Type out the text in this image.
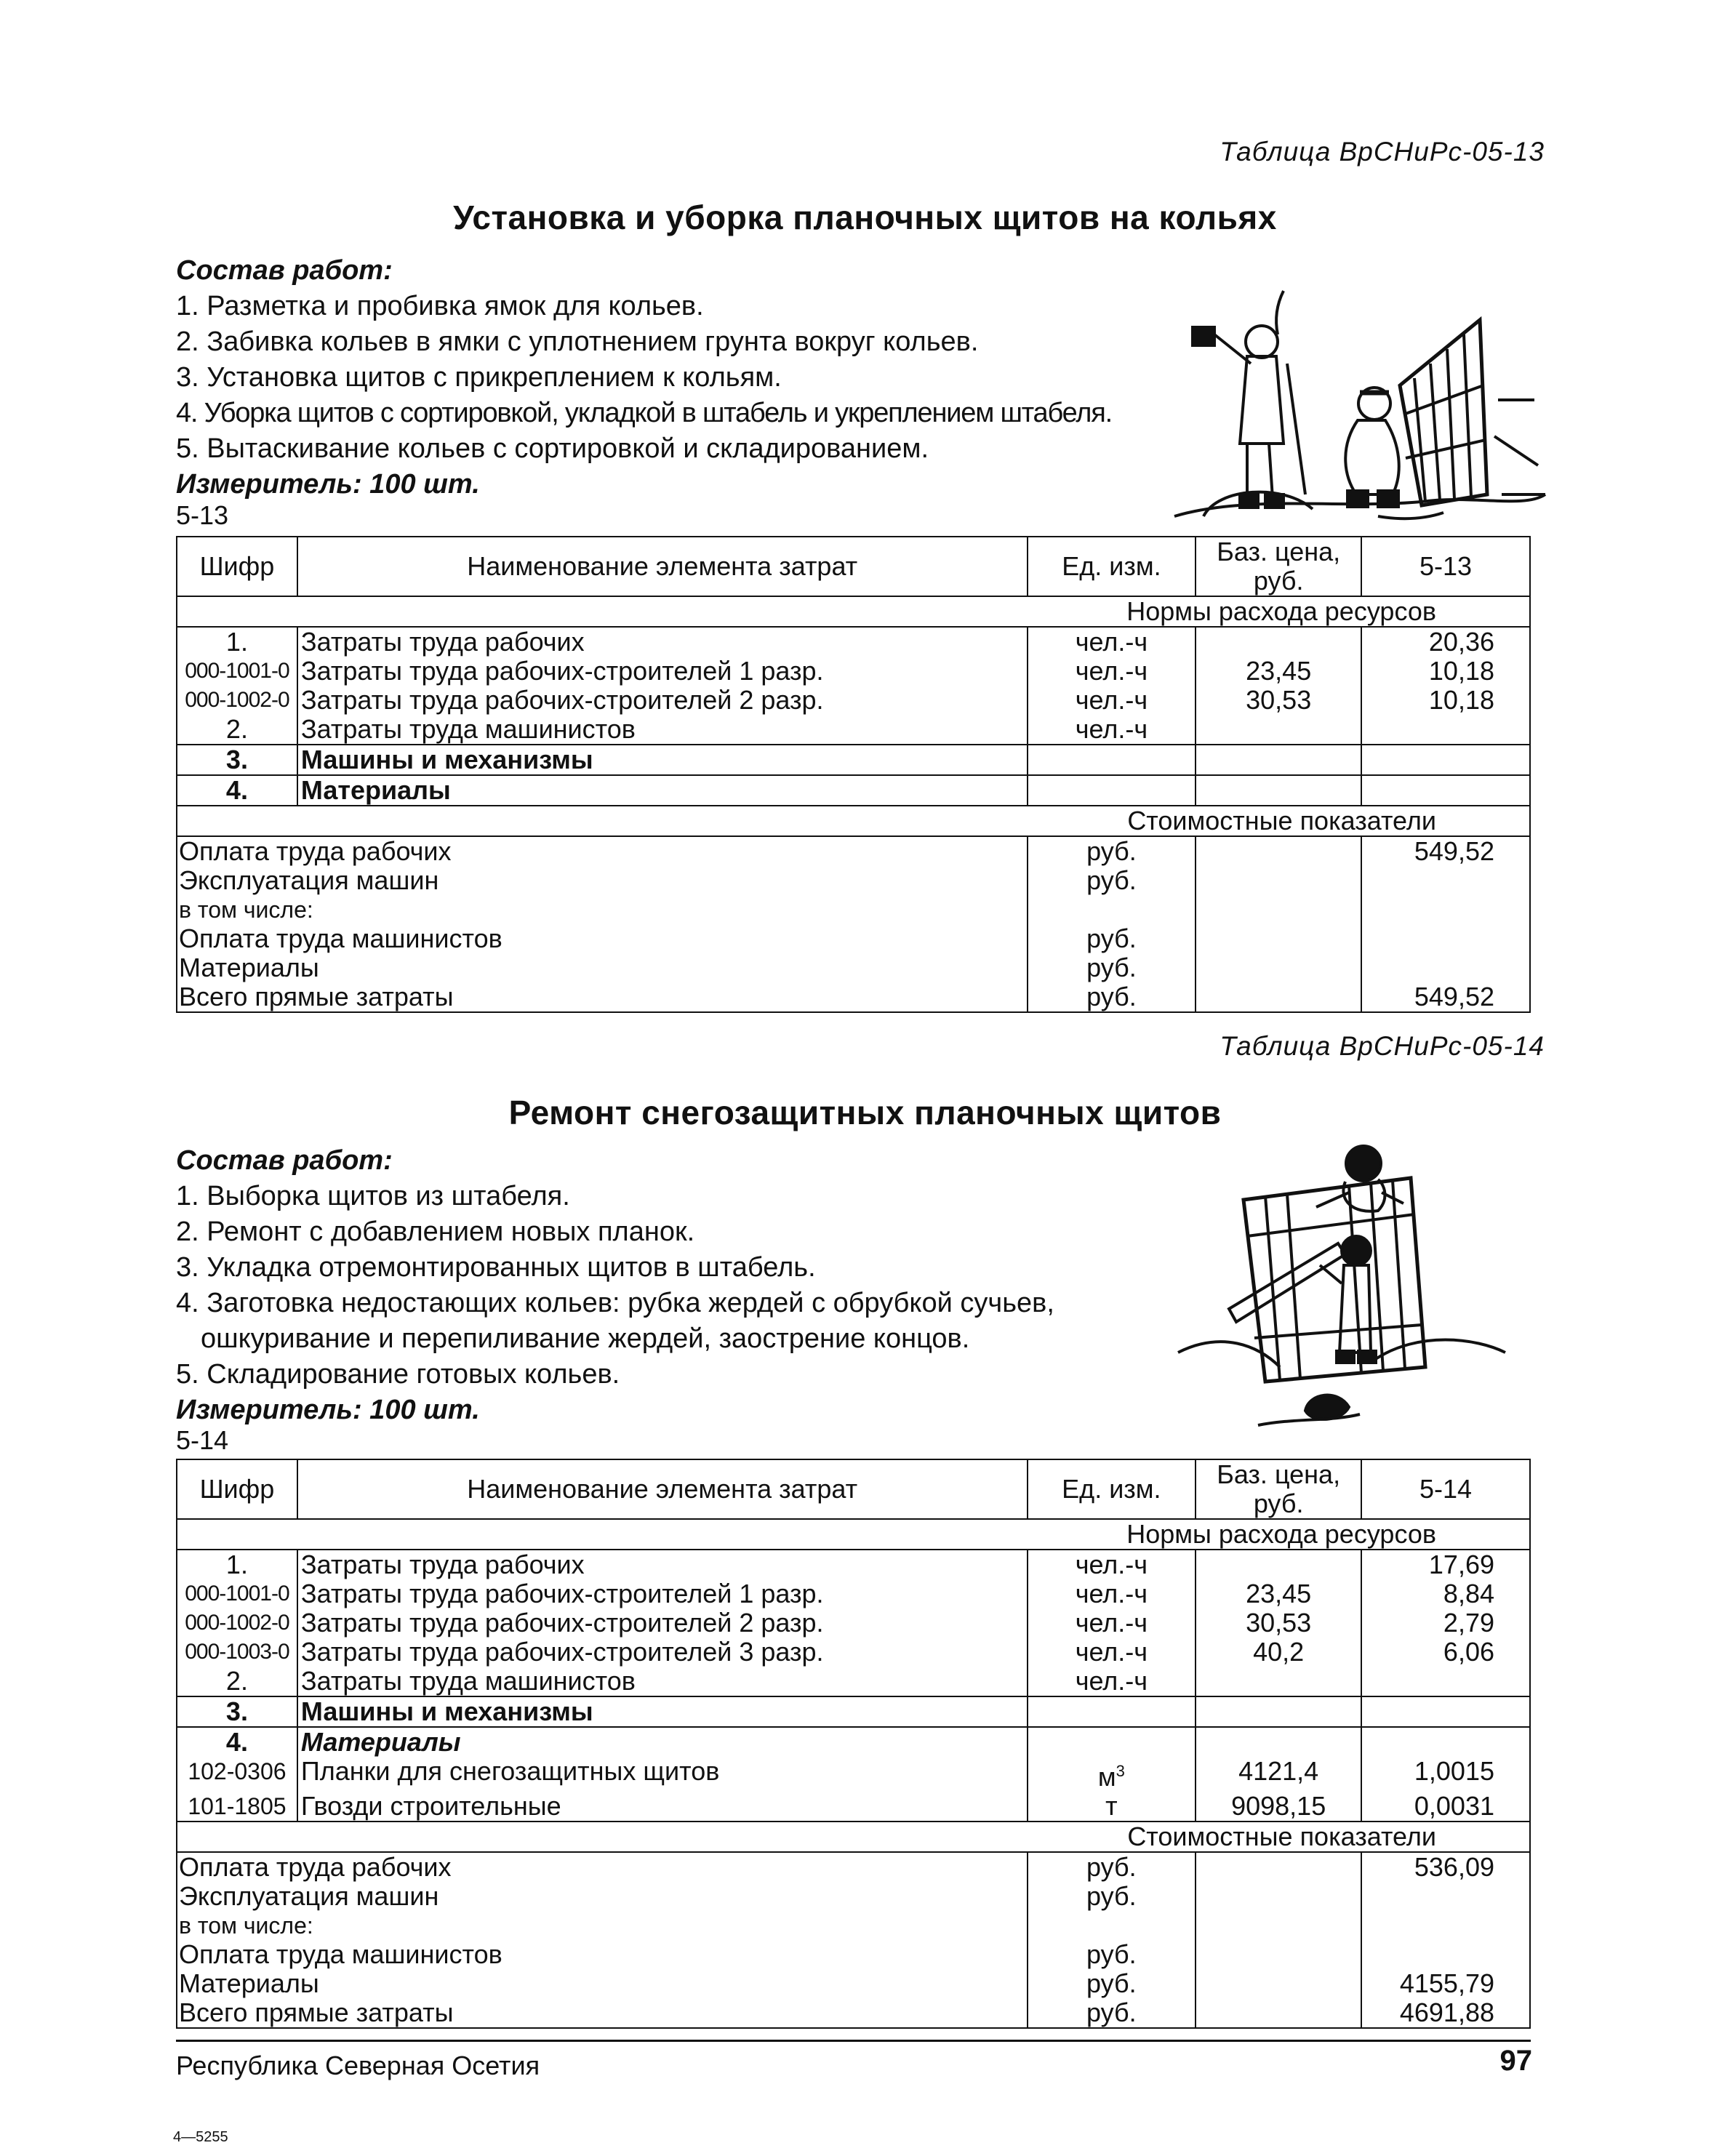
Таблица ВрСНиРс-05-13
Установка и уборка планочных щитов на кольях
Состав работ:
1. Разметка и пробивка ямок для кольев.
2. Забивка кольев в ямки с уплотнением грунта вокруг кольев.
3. Установка щитов с прикреплением к кольям.
4. Уборка щитов с сортировкой, укладкой в штабель и укреплением штабеля.
5. Вытаскивание кольев с сортировкой и складированием.
Измеритель: 100 шт.
5-13
Шифр	Наименование элемента затрат	Ед. изм.	Баз. цена, руб.	5-13
Нормы расхода ресурсов				
1.	Затраты труда рабочих	чел.-ч		20,36
000-1001-0	Затраты труда рабочих-строителей 1 разр.	чел.-ч	23,45	10,18
000-1002-0	Затраты труда рабочих-строителей 2 разр.	чел.-ч	30,53	10,18
2.	Затраты труда машинистов	чел.-ч		
3.	Машины и механизмы			
4.	Материалы			
Стоимостные показатели				
Оплата труда рабочих		руб.		549,52
Эксплуатация машин		руб.		
в том числе:				
Оплата труда машинистов		руб.		
Материалы		руб.		
Всего прямые затраты		руб.		549,52
Таблица ВрСНиРс-05-14
Ремонт снегозащитных планочных щитов
Состав работ:
1. Выборка щитов из штабеля.
2. Ремонт с добавлением новых планок.
3. Укладка отремонтированных щитов в штабель.
4. Заготовка недостающих кольев: рубка жердей с обрубкой сучьев,
ошкуривание и перепиливание жердей, заострение концов.
5. Складирование готовых кольев.
Измеритель: 100 шт.
5-14
Шифр	Наименование элемента затрат	Ед. изм.	Баз. цена, руб.	5-14
Нормы расхода ресурсов				
1.	Затраты труда рабочих	чел.-ч		17,69
000-1001-0	Затраты труда рабочих-строителей 1 разр.	чел.-ч	23,45	8,84
000-1002-0	Затраты труда рабочих-строителей 2 разр.	чел.-ч	30,53	2,79
000-1003-0	Затраты труда рабочих-строителей 3 разр.	чел.-ч	40,2	6,06
2.	Затраты труда машинистов	чел.-ч		
3.	Машины и механизмы			
4.	Материалы			
102-0306	Планки для снегозащитных щитов	$м^3$	4121,4	1,0015
101-1805	Гвозди строительные	т	9098,15	0,0031
Стоимостные показатели				
Оплата труда рабочих		руб.		536,09
Эксплуатация машин		руб.		
в том числе:				
Оплата труда машинистов		руб.		
Материалы		руб.		4155,79
Всего прямые затраты		руб.		4691,88
Республика Северная Осетия	97
4—5255
